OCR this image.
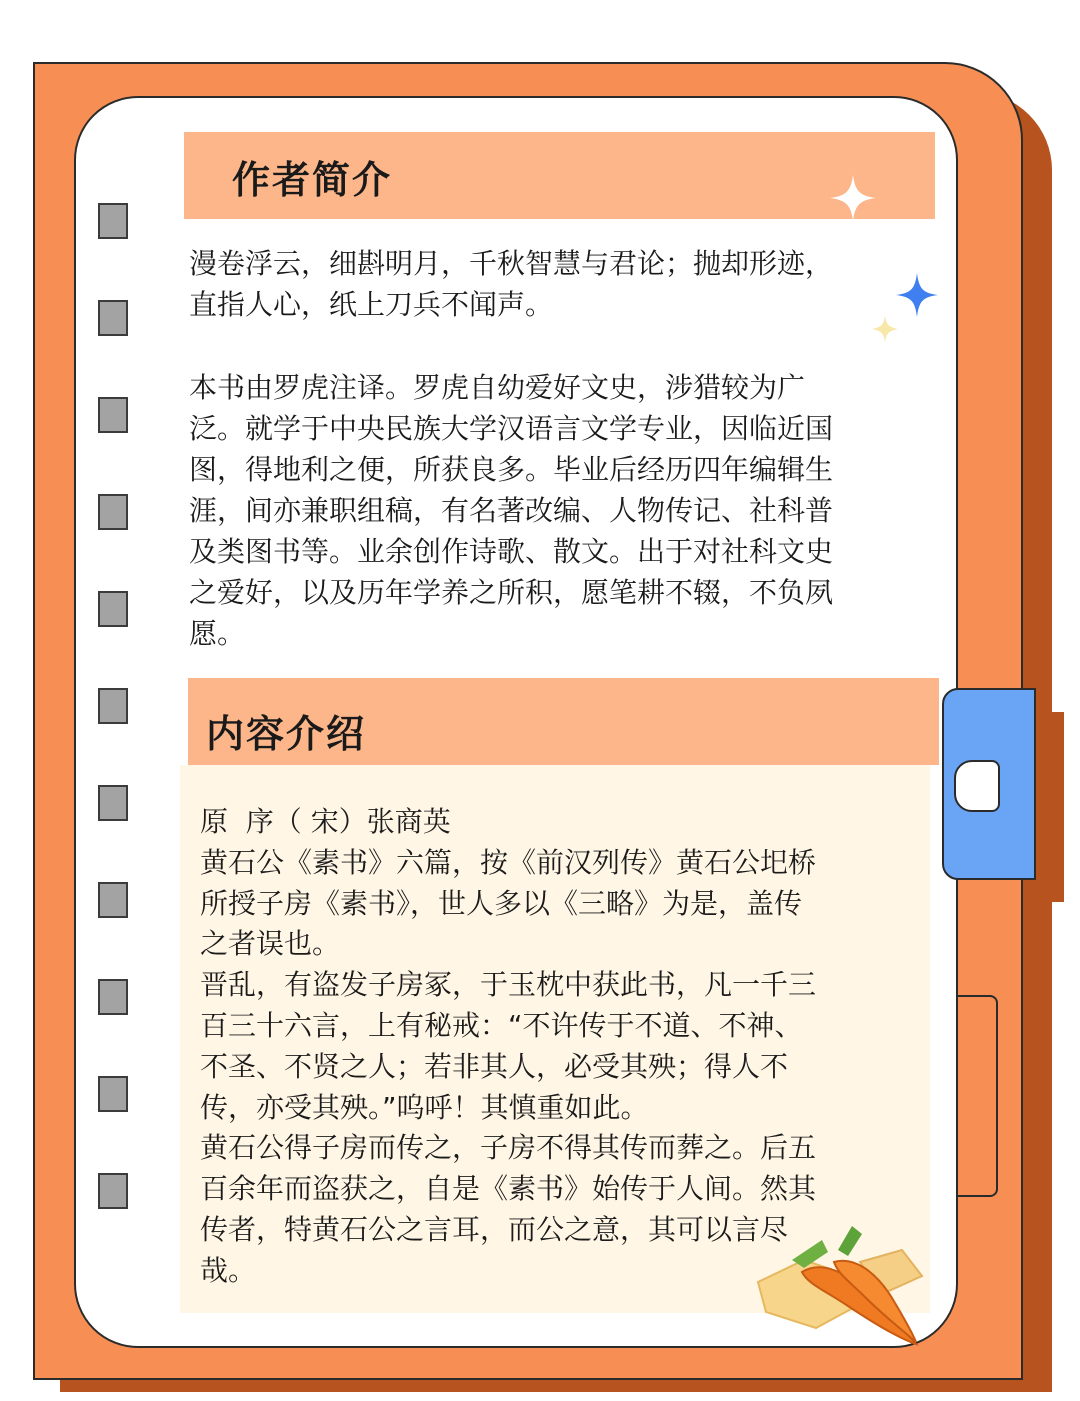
作者简介
漫卷浮云，细斟明月，千秋智慧与君论；抛却形迹，
直指人心，纸上刀兵不闻声。
本书由罗虎注译。罗虎自幼爱好文史，涉猎较为广
泛。就学于中央民族大学汉语言文学专业，因临近国
图，得地利之便，所获良多。毕业后经历四年编辑生
涯，间亦兼职组稿，有名著改编、人物传记、社科普
及类图书等。业余创作诗歌、散文。出于对社科文史
之爱好，以及历年学养之所积，愿笔耕不辍，不负夙
愿。
内容介绍
原  序（ 宋）张商英
黄石公《素书》六篇，按《前汉列传》黄石公圯桥
所授子房《素书》，世人多以《三略》为是，盖传
之者误也。
晋乱，有盗发子房冢，于玉枕中获此书，凡一千三
百三十六言，上有秘戒：“不许传于不道、不神、
不圣、不贤之人；若非其人，必受其殃；得人不
传，亦受其殃。”呜呼！其慎重如此。
黄石公得子房而传之，子房不得其传而葬之。后五
百余年而盗获之，自是《素书》始传于人间。然其
传者，特黄石公之言耳，而公之意，其可以言尽
哉。
